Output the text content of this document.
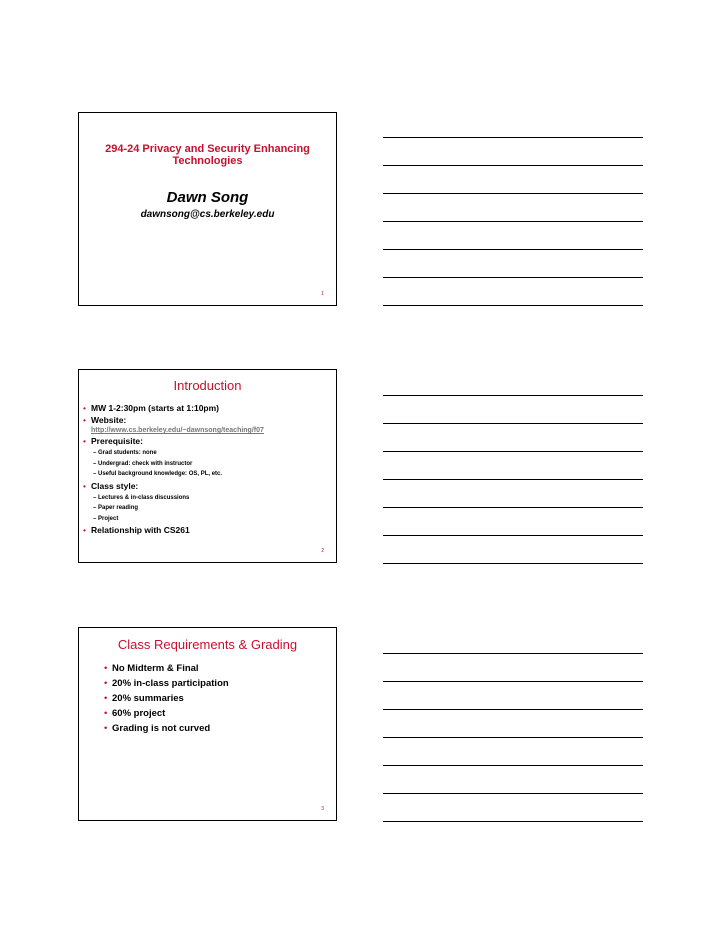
294-24 Privacy and Security Enhancing Technologies
Dawn Song
dawnsong@cs.berkeley.edu
1
Introduction
• MW 1-2:30pm (starts at 1:10pm)
• Website:
http://www.cs.berkeley.edu/~dawnsong/teaching/f07
• Prerequisite:
– Grad students: none
– Undergrad: check with instructor
– Useful background knowledge: OS, PL, etc.
• Class style:
– Lectures & in-class discussions
– Paper reading
– Project
• Relationship with CS261
2
Class Requirements & Grading
• No Midterm & Final
• 20% in-class participation
• 20% summaries
• 60% project
• Grading is not curved
3
